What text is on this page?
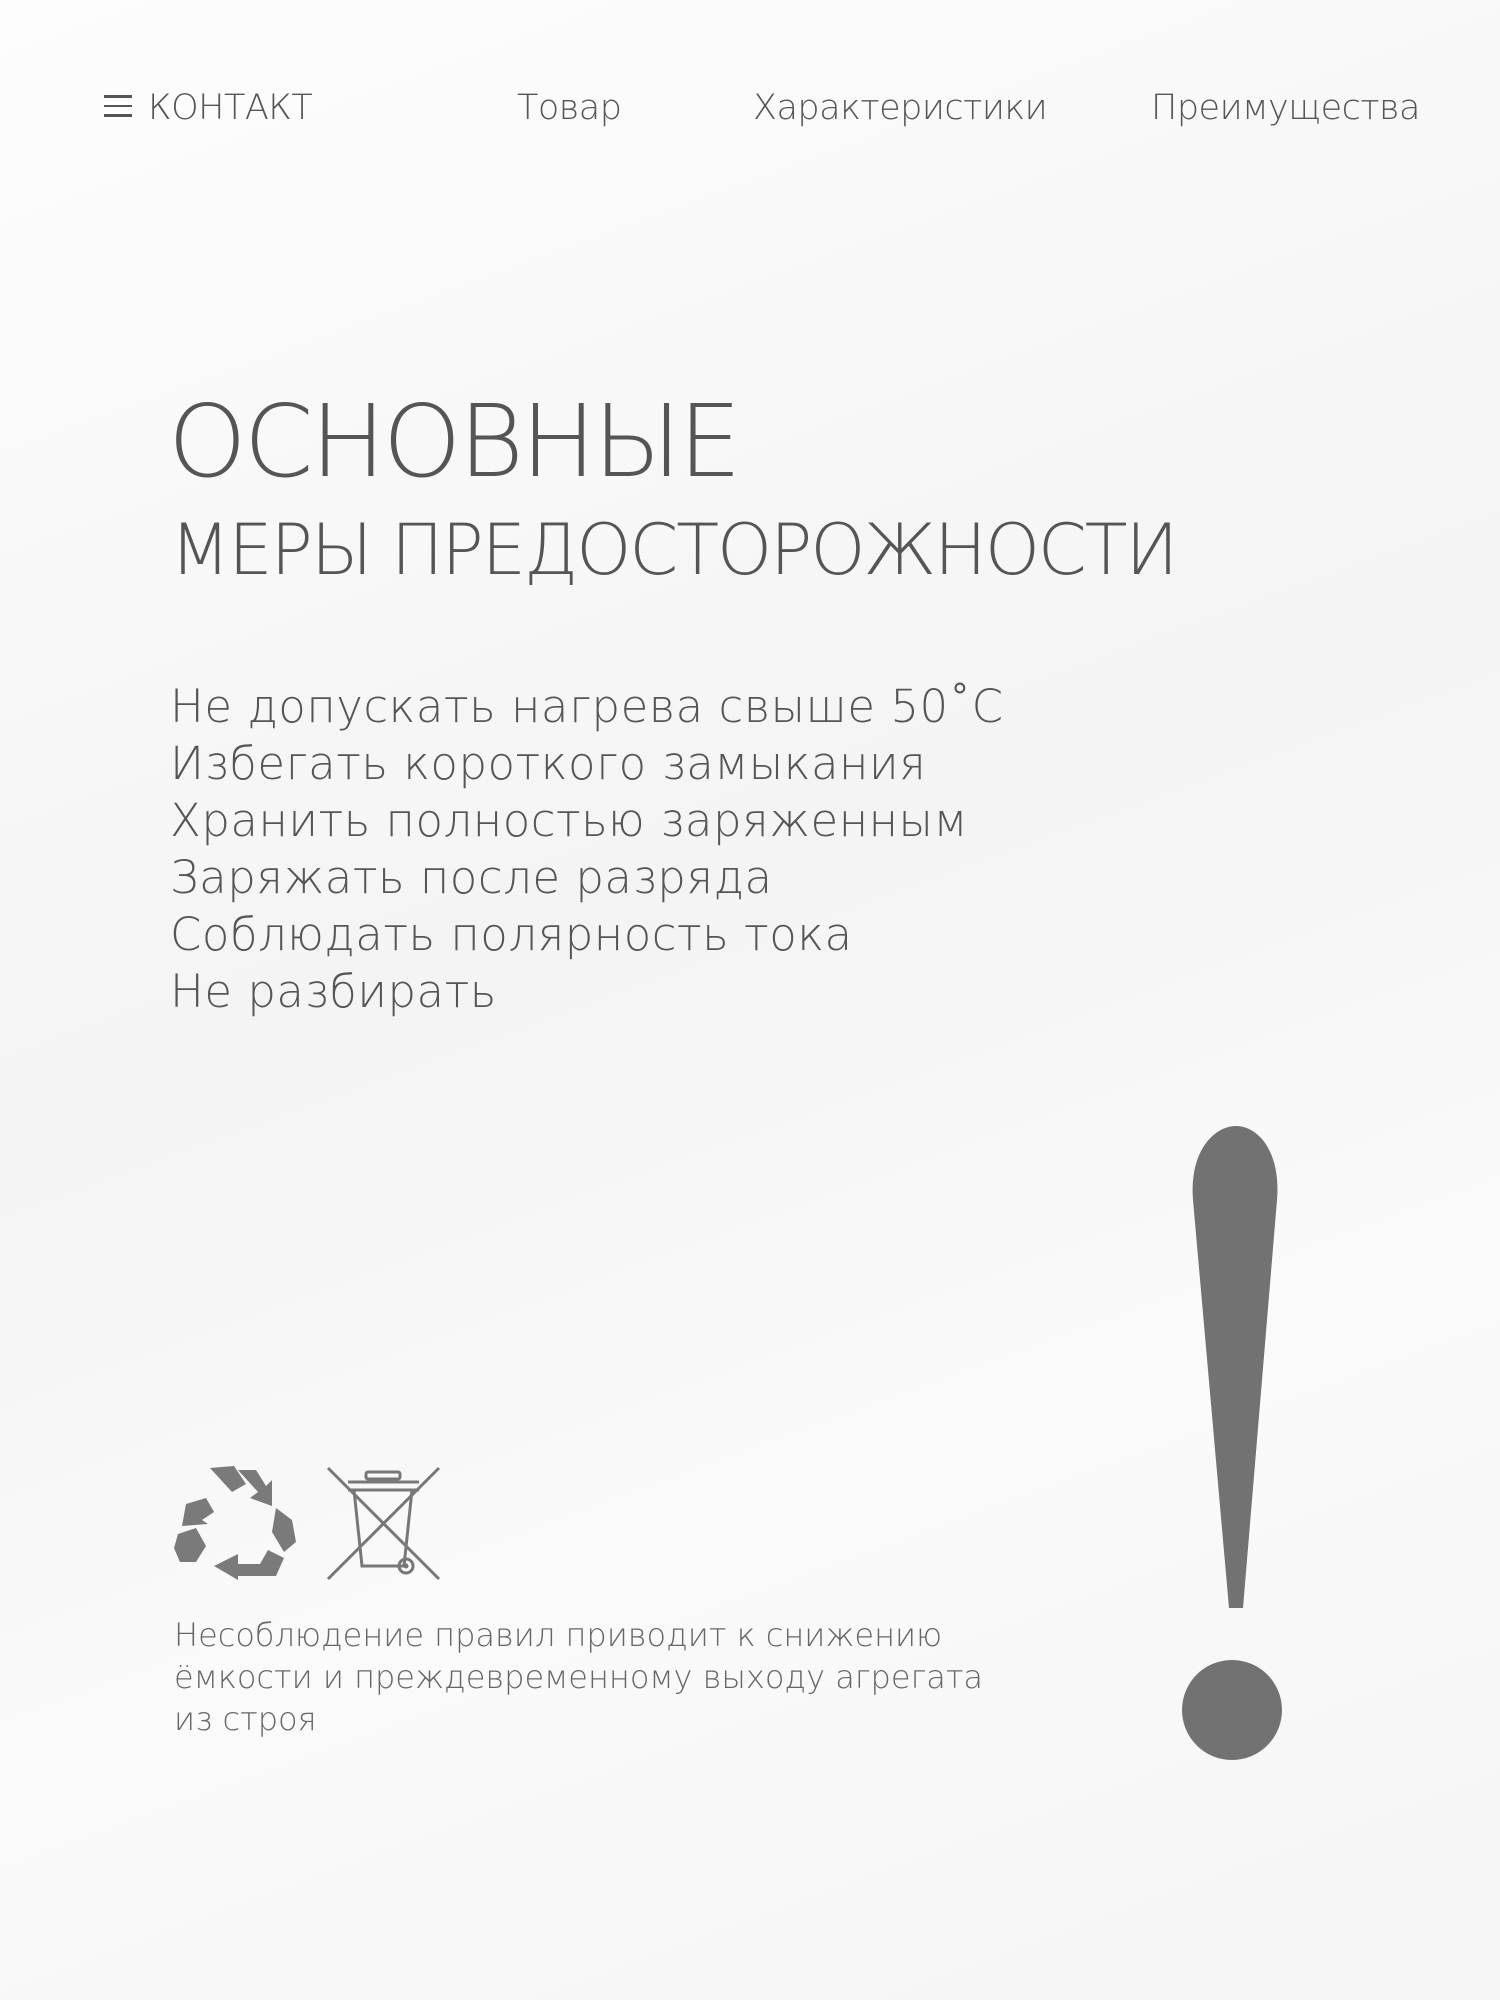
КОНТАКТ	Товар	Характеристики	Преимущества
ОСНОВНЫЕ
МЕРЫ ПРЕДОСТОРОЖНОСТИ
Не допускать нагрева свыше 50˚С
Избегать короткого замыкания
Хранить полностью заряженным
Заряжать после разряда
Соблюдать полярность тока
Не разбирать

Несоблюдение правил приводит к снижению
ёмкости и преждевременному выходу агрегата
из строя
